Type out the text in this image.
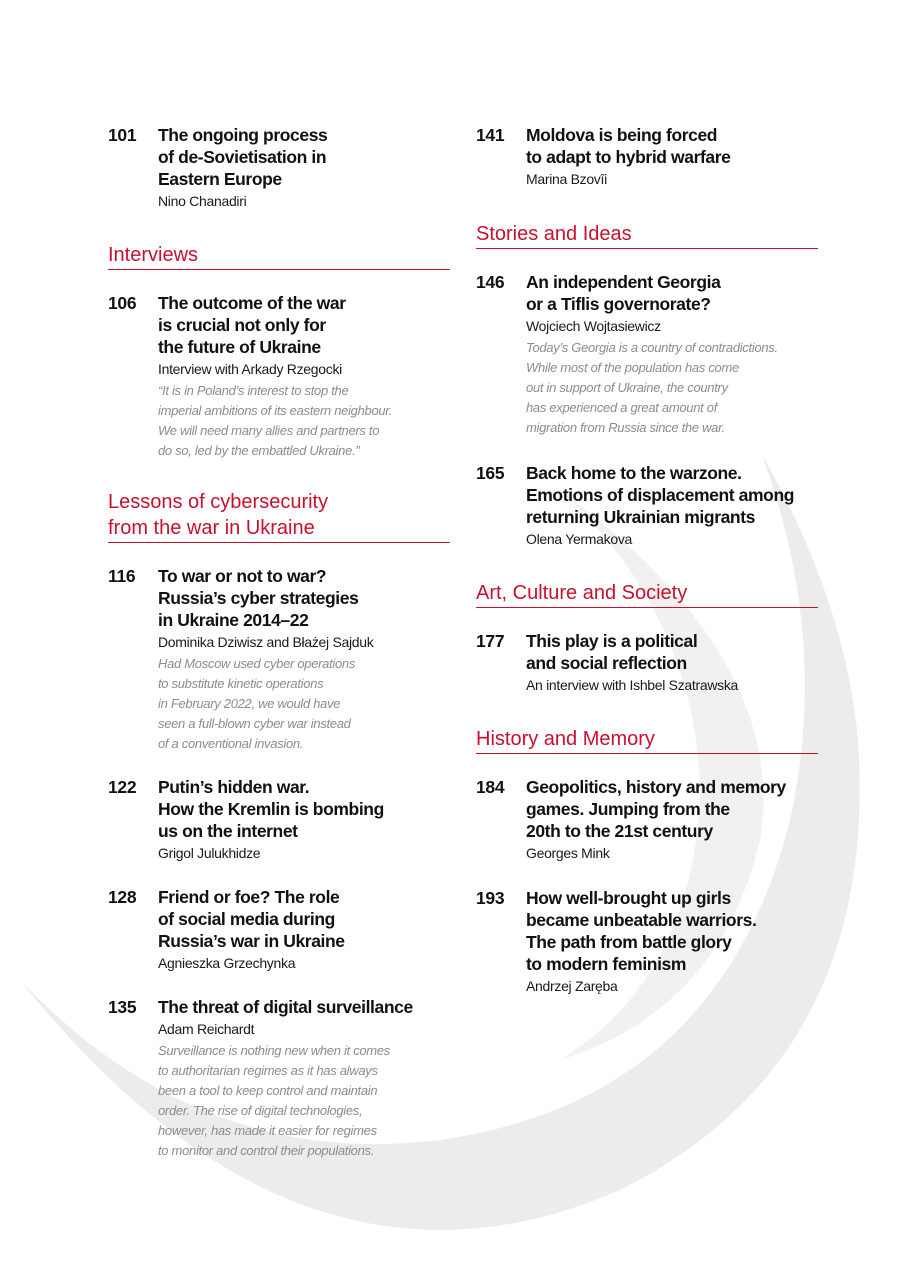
101	The ongoing process
of de-Sovietisation in
Eastern Europe
Nino Chanadiri
Interviews
106	The outcome of the war
is crucial not only for
the future of Ukraine
Interview with Arkady Rzegocki
“It is in Poland’s interest to stop the
imperial ambitions of its eastern neighbour.
We will need many allies and partners to
do so, led by the embattled Ukraine.”
Lessons of cybersecurity
from the war in Ukraine
116	To war or not to war?
Russia’s cyber strategies
in Ukraine 2014–22
Dominika Dziwisz and Błażej Sajduk
Had Moscow used cyber operations
to substitute kinetic operations
in February 2022, we would have
seen a full-blown cyber war instead
of a conventional invasion.
122	Putin’s hidden war.
How the Kremlin is bombing
us on the internet
Grigol Julukhidze
128	Friend or foe? The role
of social media during
Russia’s war in Ukraine
Agnieszka Grzechynka
135	The threat of digital surveillance
Adam Reichardt
Surveillance is nothing new when it comes
to authoritarian regimes as it has always
been a tool to keep control and maintain
order. The rise of digital technologies,
however, has made it easier for regimes
to monitor and control their populations.
141	Moldova is being forced
to adapt to hybrid warfare
Marina Bzovîi
Stories and Ideas
146	An independent Georgia
or a Tiflis governorate?
Wojciech Wojtasiewicz
Today’s Georgia is a country of contradictions.
While most of the population has come
out in support of Ukraine, the country
has experienced a great amount of
migration from Russia since the war.
165	Back home to the warzone.
Emotions of displacement among
returning Ukrainian migrants
Olena Yermakova
Art, Culture and Society
177	This play is a political
and social reflection
An interview with Ishbel Szatrawska
History and Memory
184	Geopolitics, history and memory
games. Jumping from the
20th to the 21st century
Georges Mink
193	How well-brought up girls
became unbeatable warriors.
The path from battle glory
to modern feminism
Andrzej Zaręba
